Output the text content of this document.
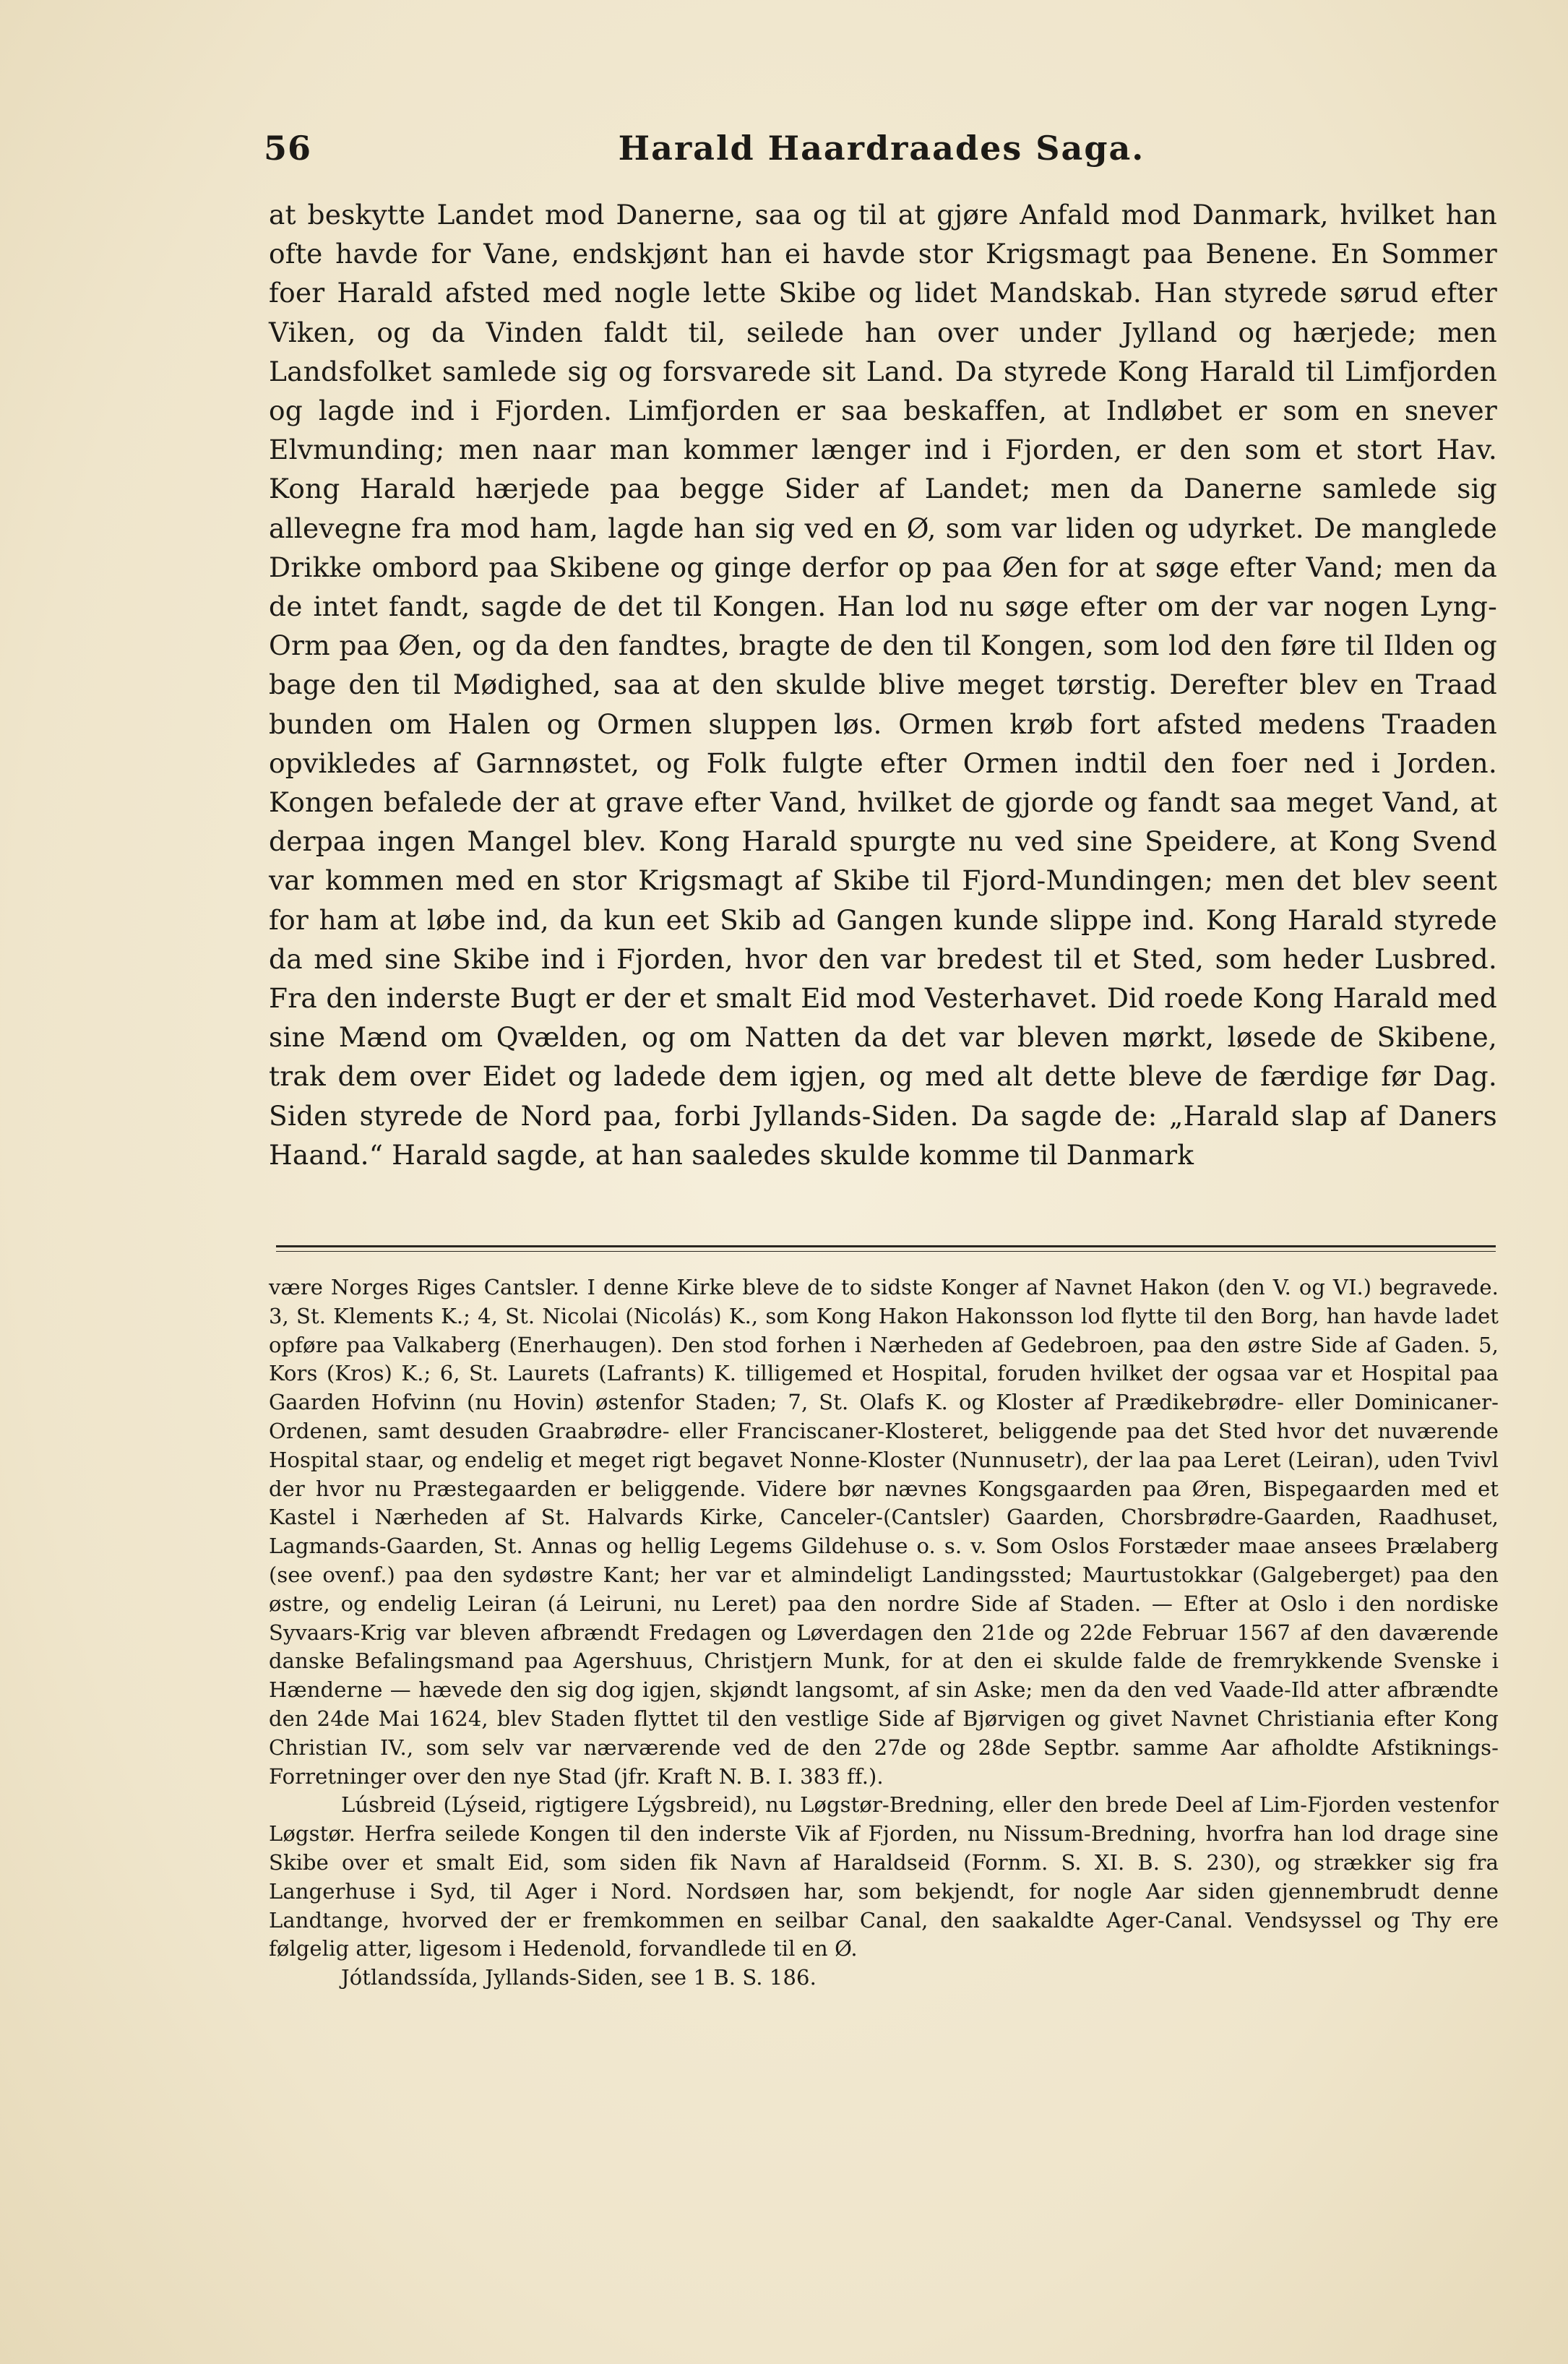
56	Harald Haardraades Saga.

at beskytte Landet mod Danerne, saa og til at gjøre Anfald mod Danmark, hvilket han ofte havde for Vane, endskjønt han ei havde stor Krigsmagt paa Benene. En Sommer foer Harald afsted med nogle lette Skibe og lidet Mandskab. Han styrede sørud efter Viken, og da Vinden faldt til, seilede han over under Jylland og hærjede; men Landsfolket samlede sig og forsvarede sit Land. Da styrede Kong Harald til Limfjorden og lagde ind i Fjorden. Limfjorden er saa beskaffen, at Indløbet er som en snever Elvmunding; men naar man kommer længer ind i Fjorden, er den som et stort Hav. Kong Harald hærjede paa begge Sider af Landet; men da Danerne samlede sig allevegne fra mod ham, lagde han sig ved en Ø, som var liden og udyrket. De manglede Drikke ombord paa Skibene og ginge derfor op paa Øen for at søge efter Vand; men da de intet fandt, sagde de det til Kongen. Han lod nu søge efter om der var nogen Lyng-Orm paa Øen, og da den fandtes, bragte de den til Kongen, som lod den føre til Ilden og bage den til Mødighed, saa at den skulde blive meget tørstig. Derefter blev en Traad bunden om Halen og Ormen sluppen løs. Ormen krøb fort afsted medens Traaden opvikledes af Garnnøstet, og Folk fulgte efter Ormen indtil den foer ned i Jorden. Kongen befalede der at grave efter Vand, hvilket de gjorde og fandt saa meget Vand, at derpaa ingen Mangel blev. Kong Harald spurgte nu ved sine Speidere, at Kong Svend var kommen med en stor Krigsmagt af Skibe til Fjord-Mundingen; men det blev seent for ham at løbe ind, da kun eet Skib ad Gangen kunde slippe ind. Kong Harald styrede da med sine Skibe ind i Fjorden, hvor den var bredest til et Sted, som heder Lusbred. Fra den inderste Bugt er der et smalt Eid mod Vesterhavet. Did roede Kong Harald med sine Mænd om Qvælden, og om Natten da det var bleven mørkt, løsede de Skibene, trak dem over Eidet og ladede dem igjen, og med alt dette bleve de færdige før Dag. Siden styrede de Nord paa, forbi Jyllands-Siden. Da sagde de: „Harald slap af Daners Haand.“ Harald sagde, at han saaledes skulde komme til Danmark

være Norges Riges Cantsler. I denne Kirke bleve de to sidste Konger af Navnet Hakon (den V. og VI.) begravede. 3, St. Klements K.; 4, St. Nicolai (Nicolás) K., som Kong Hakon Hakonsson lod flytte til den Borg, han havde ladet opføre paa Valkaberg (Enerhaugen). Den stod forhen i Nærheden af Gedebroen, paa den østre Side af Gaden. 5, Kors (Kros) K.; 6, St. Laurets (Lafrants) K. tilligemed et Hospital, foruden hvilket der ogsaa var et Hospital paa Gaarden Hofvinn (nu Hovin) østenfor Staden; 7, St. Olafs K. og Kloster af Prædikebrødre- eller Dominicaner-Ordenen, samt desuden Graabrødre- eller Franciscaner-Klosteret, beliggende paa det Sted hvor det nuværende Hospital staar, og endelig et meget rigt begavet Nonne-Kloster (Nunnusetr), der laa paa Leret (Leiran), uden Tvivl der hvor nu Præstegaarden er beliggende. Videre bør nævnes Kongsgaarden paa Øren, Bispegaarden med et Kastel i Nærheden af St. Halvards Kirke, Canceler-(Cantsler) Gaarden, Chorsbrødre-Gaarden, Raadhuset, Lagmands-Gaarden, St. Annas og hellig Legems Gildehuse o. s. v. Som Oslos Forstæder maae ansees Þrælaberg (see ovenf.) paa den sydøstre Kant; her var et almindeligt Landingssted; Maurtustokkar (Galgeberget) paa den østre, og endelig Leiran (á Leiruni, nu Leret) paa den nordre Side af Staden. — Efter at Oslo i den nordiske Syvaars-Krig var bleven afbrændt Fredagen og Løverdagen den 21de og 22de Februar 1567 af den daværende danske Befalingsmand paa Agershuus, Christjern Munk, for at den ei skulde falde de fremrykkende Svenske i Hænderne — hævede den sig dog igjen, skjøndt langsomt, af sin Aske; men da den ved Vaade-Ild atter afbrændte den 24de Mai 1624, blev Staden flyttet til den vestlige Side af Bjørvigen og givet Navnet Christiania efter Kong Christian IV., som selv var nærværende ved de den 27de og 28de Septbr. samme Aar afholdte Afstiknings-Forretninger over den nye Stad (jfr. Kraft N. B. I. 383 ff.).

Lúsbreid (Lýseid, rigtigere Lýgsbreid), nu Løgstør-Bredning, eller den brede Deel af Lim-Fjorden vestenfor Løgstør. Herfra seilede Kongen til den inderste Vik af Fjorden, nu Nissum-Bredning, hvorfra han lod drage sine Skibe over et smalt Eid, som siden fik Navn af Haraldseid (Fornm. S. XI. B. S. 230), og strækker sig fra Langerhuse i Syd, til Ager i Nord. Nordsøen har, som bekjendt, for nogle Aar siden gjennembrudt denne Landtange, hvorved der er fremkommen en seilbar Canal, den saakaldte Ager-Canal. Vendsyssel og Thy ere følgelig atter, ligesom i Hedenold, forvandlede til en Ø.

Jótlandssída, Jyllands-Siden, see 1 B. S. 186.
